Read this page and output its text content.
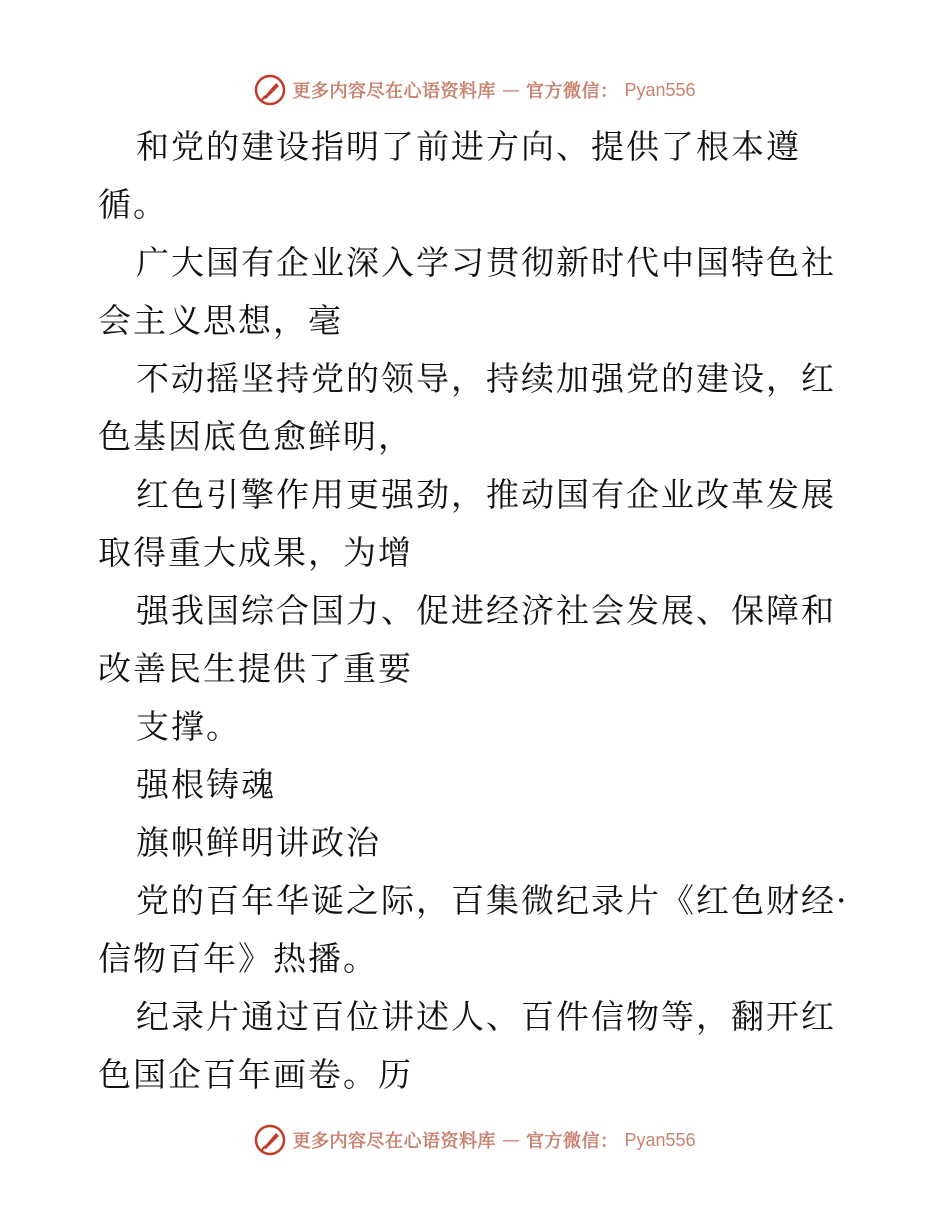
更多内容尽在心语资料库 — 官方微信： Pyan556

和党的建设指明了前进方向、提供了根本遵循。

广大国有企业深入学习贯彻新时代中国特色社会主义思想，毫

不动摇坚持党的领导，持续加强党的建设，红色基因底色愈鲜明，

红色引擎作用更强劲，推动国有企业改革发展取得重大成果，为增

强我国综合国力、促进经济社会发展、保障和改善民生提供了重要

支撑。

强根铸魂

旗帜鲜明讲政治

党的百年华诞之际，百集微纪录片《红色财经·信物百年》热播。

纪录片通过百位讲述人、百件信物等，翻开红色国企百年画卷。历

更多内容尽在心语资料库 — 官方微信： Pyan556
